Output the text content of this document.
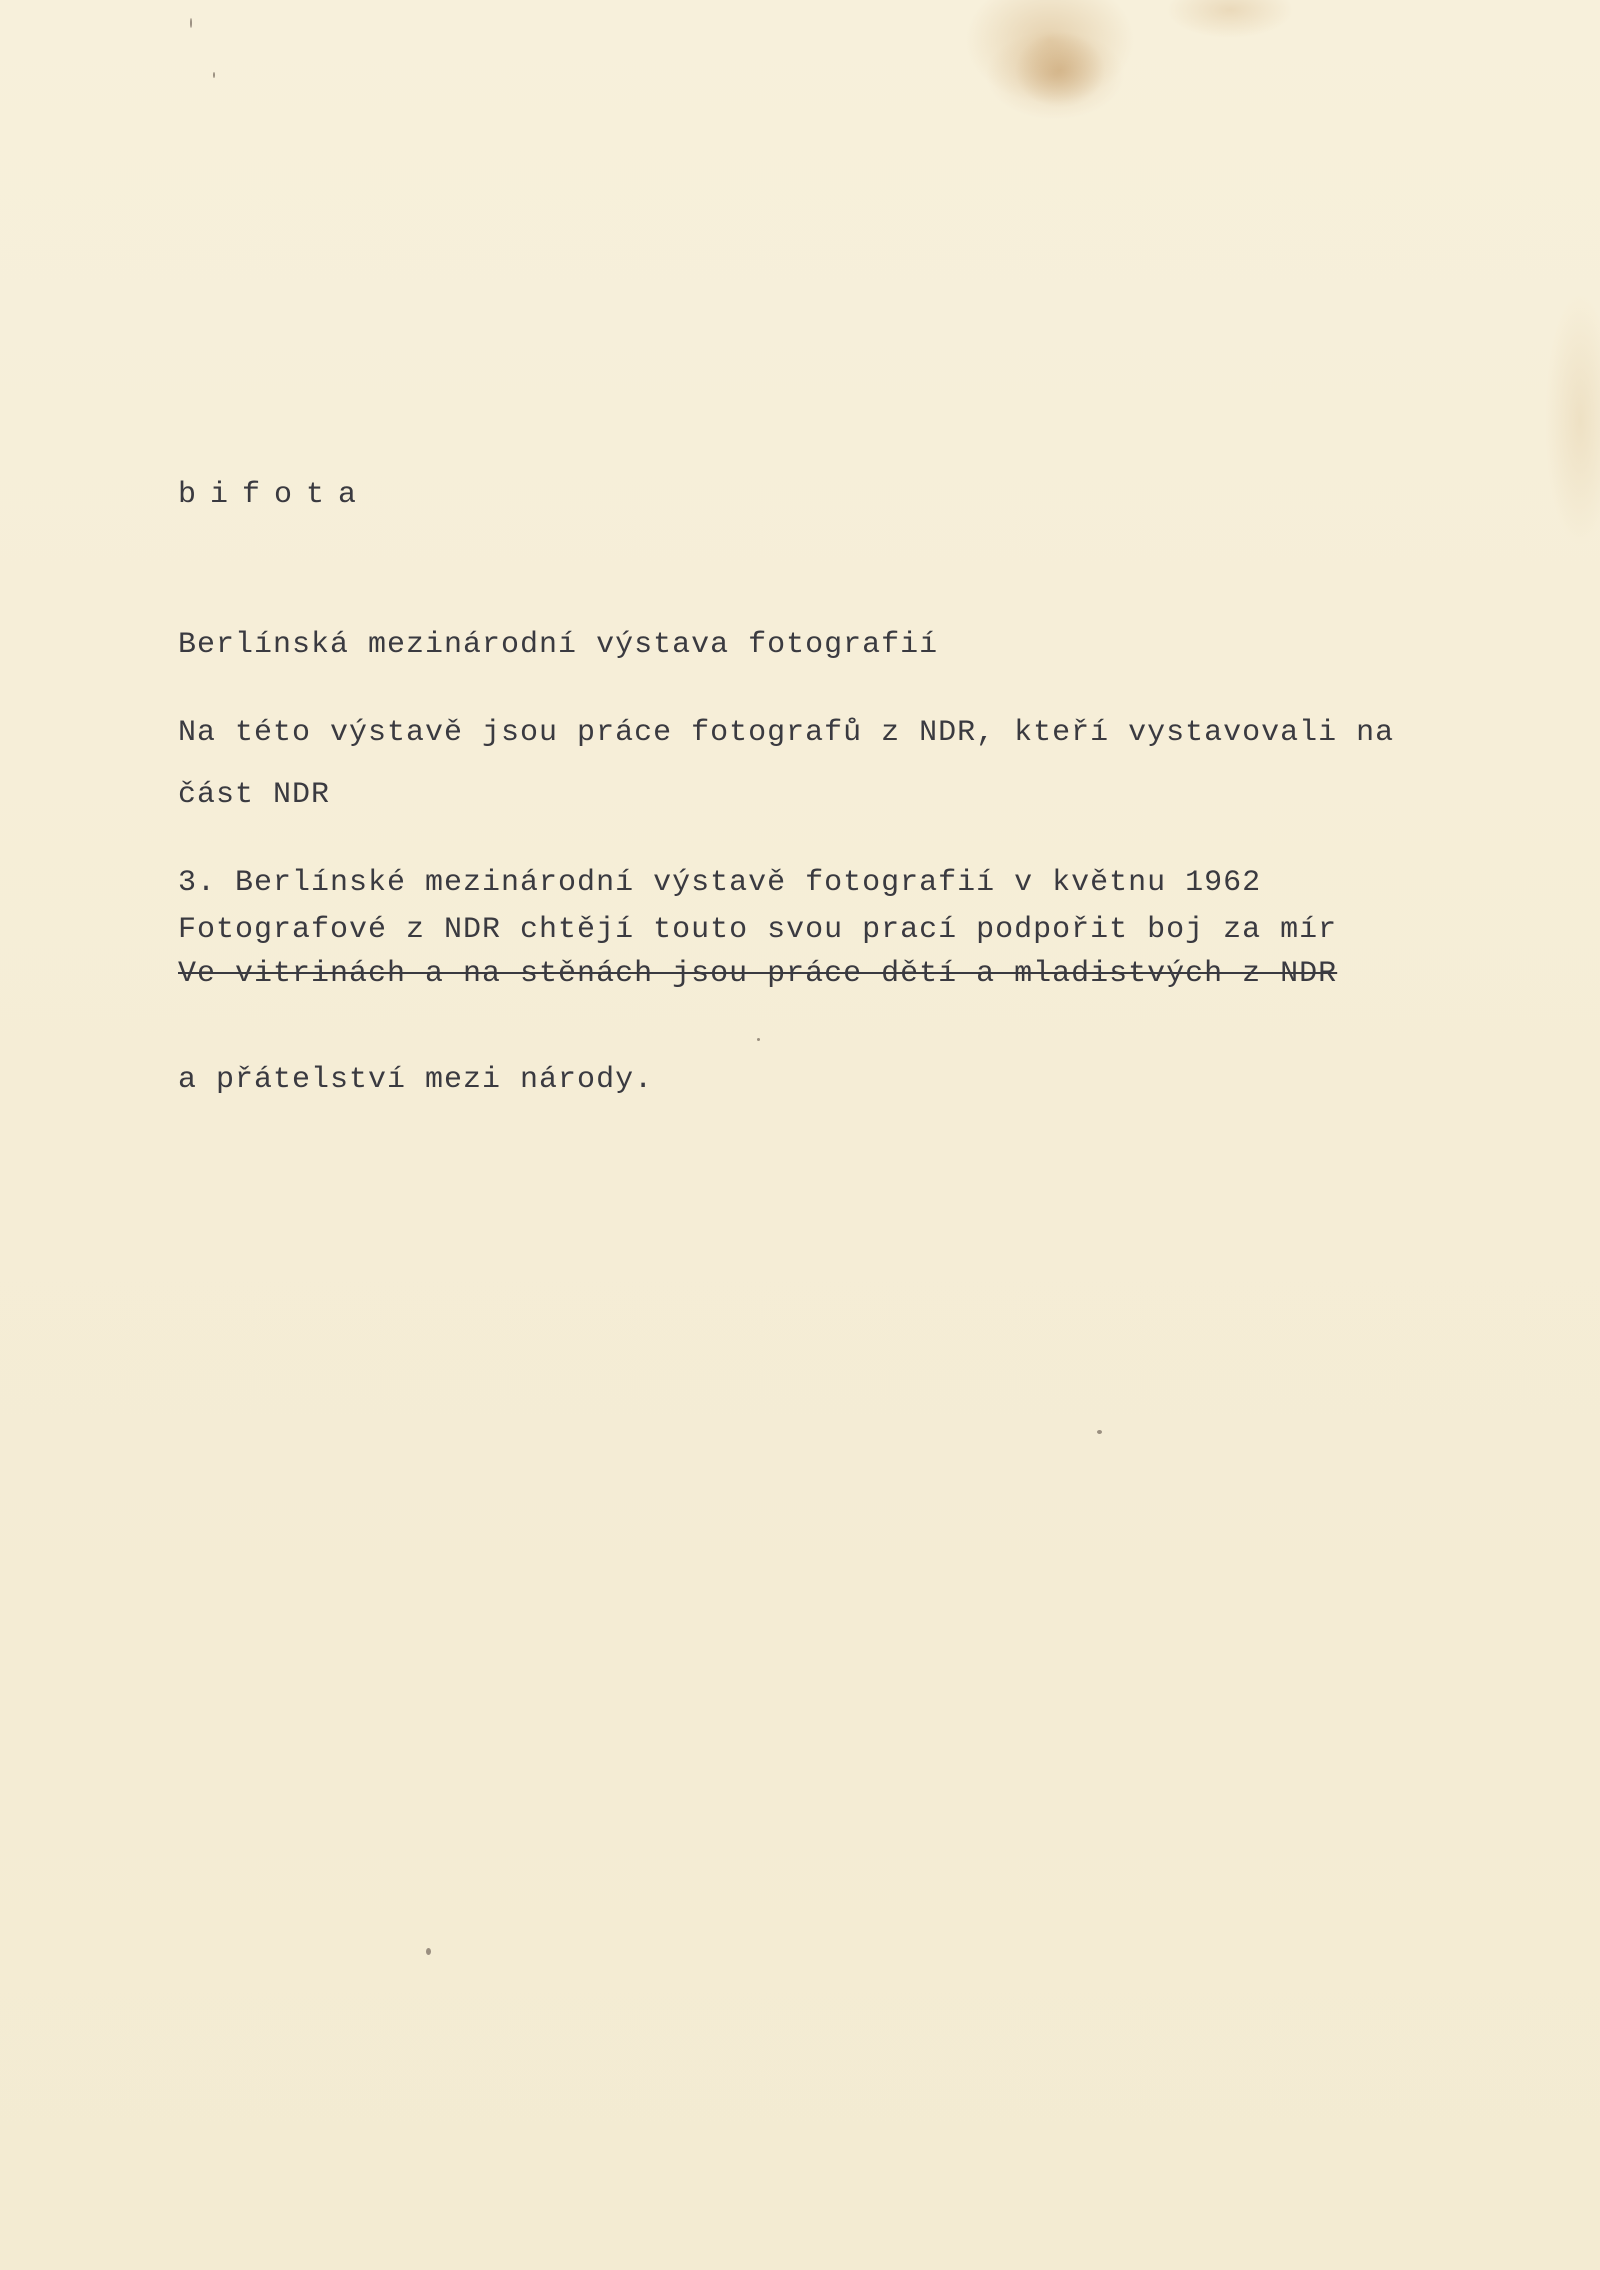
bifota

Berlínská mezinárodní výstava fotografií

část NDR

Na této výstavě jsou práce fotografů z NDR, kteří vystavovali na

3. Berlínské mezinárodní výstavě fotografií v květnu 1962

Fotografové z NDR chtějí touto svou prací podpořit boj za mír

a přátelství mezi národy.

Ve vitrinách a na stěnách jsou práce dětí a mladistvých z NDR
